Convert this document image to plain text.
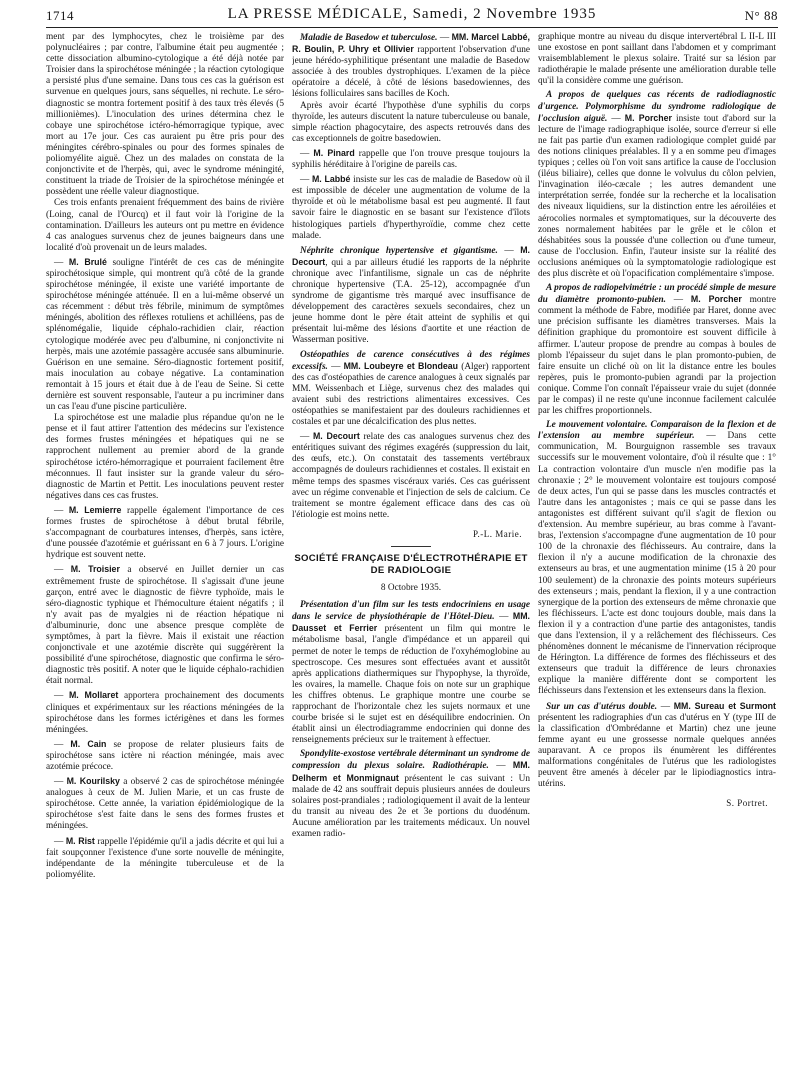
1714	LA PRESSE MÉDICALE, Samedi, 2 Novembre 1935	N° 88

ment par des lymphocytes, chez le troisième par des polynucléaires ; par contre, l'albumine était peu augmentée ; cette dissociation albumino-cytologique a été déjà notée par Troisier dans la spirochétose méningée ; la réaction cytologique a persisté plus d'une semaine. Dans tous ces cas la guérison est survenue en quelques jours, sans séquelles, ni rechute. Le séro-diagnostic se montra fortement positif à des taux très élevés (5 millionièmes). L'inoculation des urines détermina chez le cobaye une spirochétose ictéro-hémorragique typique, avec mort au 17e jour. Ces cas auraient pu être pris pour des méningites cérébro-spinales ou pour des formes spinales de poliomyélite aiguë. Chez un des malades on constata de la conjonctivite et de l'herpès, qui, avec le syndrome méningité, constituent la triade de Troisier de la spirochétose méningée et possèdent une réelle valeur diagnostique.

Ces trois enfants prenaient fréquemment des bains de rivière (Loing, canal de l'Ourcq) et il faut voir là l'origine de la contamination. D'ailleurs les auteurs ont pu mettre en évidence 4 cas analogues survenus chez de jeunes baigneurs dans une localité d'où provenait un de leurs malades.

— M. Brulé souligne l'intérêt de ces cas de méningite spirochétosique simple, qui montrent qu'à côté de la grande spirochétose méningée, il existe une variété importante de spirochétose méningée atténuée. Il en a lui-même observé un cas récemment : début très fébrile, minimum de symptômes méningés, abolition des réflexes rotuliens et achilléens, pas de splénomégalie, liquide céphalo-rachidien clair, réaction cytologique modérée avec peu d'albumine, ni conjonctivite ni herpès, mais une azotémie passagère accusée sans albuminurie. Guérison en une semaine. Séro-diagnostic fortement positif, mais inoculation au cobaye négative. La contamination remontait à 15 jours et était due à de l'eau de Seine. Si cette dernière est souvent responsable, l'auteur a pu incriminer dans un cas l'eau d'une piscine particulière.

La spirochétose est une maladie plus répandue qu'on ne le pense et il faut attirer l'attention des médecins sur l'existence des formes frustes méningées et hépatiques qui ne se rapprochent nullement au premier abord de la grande spirochétose ictéro-hémorragique et pourraient facilement être méconnues. Il faut insister sur la grande valeur du séro-diagnostic de Martin et Pettit. Les inoculations peuvent rester négatives dans ces cas frustes.

— M. Lemierre rappelle également l'importance de ces formes frustes de spirochétose à début brutal fébrile, s'accompagnant de courbatures intenses, d'herpès, sans ictère, d'une poussée d'azotémie et guérissant en 6 à 7 jours. L'origine hydrique est souvent nette.

— M. Troisier a observé en Juillet dernier un cas extrêmement fruste de spirochétose. Il s'agissait d'une jeune garçon, entré avec le diagnostic de fièvre typhoïde, mais le séro-diagnostic typhique et l'hémoculture étaient négatifs ; il n'y avait pas de myalgies ni de réaction hépatique ni d'albuminurie, donc une absence presque complète de symptômes, à part la fièvre. Mais il existait une réaction conjonctivale et une azotémie discrète qui suggérèrent la possibilité d'une spirochétose, diagnostic que confirma le séro-diagnostic très positif. A noter que le liquide céphalo-rachidien était normal.

— M. Mollaret apportera prochainement des documents cliniques et expérimentaux sur les réactions méningées de la spirochétose dans les formes ictérigènes et dans les formes méningées.

— M. Cain se propose de relater plusieurs faits de spirochétose sans ictère ni réaction méningée, mais avec azotémie précoce.

— M. Kourilsky a observé 2 cas de spirochétose méningée analogues à ceux de M. Julien Marie, et un cas fruste de spirochétose. Cette année, la variation épidémiologique de la spirochétose s'est faite dans le sens des formes frustes et méningées.

— M. Rist rappelle l'épidémie qu'il a jadis décrite et qui lui a fait soupçonner l'existence d'une sorte nouvelle de méningite, indépendante de la méningite tuberculeuse et de la poliomyélite.

Maladie de Basedow et tuberculose. — MM. Marcel Labbé, R. Boulin, P. Uhry et Ollivier rapportent l'observation d'une jeune hérédo-syphilitique présentant une maladie de Basedow associée à des troubles dystrophiques. L'examen de la pièce opératoire a décelé, à côté de lésions basedowiennes, des lésions folliculaires sans bacilles de Koch.

Après avoir écarté l'hypothèse d'une syphilis du corps thyroïde, les auteurs discutent la nature tuberculeuse ou banale, simple réaction phagocytaire, des aspects retrouvés dans des cas exceptionnels de goitre basedowien.

— M. Pinard rappelle que l'on trouve presque toujours la syphilis héréditaire à l'origine de pareils cas.

— M. Labbé insiste sur les cas de maladie de Basedow où il est impossible de déceler une augmentation de volume de la thyroïde et où le métabolisme basal est peu augmenté. Il faut savoir faire le diagnostic en se basant sur l'existence d'îlots histologiques partiels d'hyperthyroïdie, comme chez cette malade.

Néphrite chronique hypertensive et gigantisme. — M. Decourt, qui a par ailleurs étudié les rapports de la néphrite chronique avec l'infantilisme, signale un cas de néphrite chronique hypertensive (T.A. 25-12), accompagnée d'un syndrome de gigantisme très marqué avec insuffisance de développement des caractères sexuels secondaires, chez un jeune homme dont le père était atteint de syphilis et qui présentait lui-même des lésions d'aortite et une réaction de Wasserman positive.

Ostéopathies de carence consécutives à des régimes excessifs. — MM. Loubeyre et Blondeau (Alger) rapportent des cas d'ostéopathies de carence analogues à ceux signalés par MM. Weissenbach et Liège, survenus chez des malades qui avaient subi des restrictions alimentaires excessives. Ces ostéopathies se manifestaient par des douleurs rachidiennes et costales et par une décalcification des plus nettes.

— M. Decourt relate des cas analogues survenus chez des entéritiques suivant des régimes exagérés (suppression du lait, des œufs, etc.). On constatait des tassements vertébraux accompagnés de douleurs rachidiennes et costales. Il existait en même temps des spasmes viscéraux variés. Ces cas guérissent avec un régime convenable et l'injection de sels de calcium. Ce traitement se montre également efficace dans des cas où l'étiologie est moins nette.

P.-L. Marie.
SOCIÉTÉ FRANÇAISE D'ÉLECTROTHÉRAPIE ET DE RADIOLOGIE
8 Octobre 1935.

Présentation d'un film sur les tests endocriniens en usage dans le service de physiothérapie de l'Hôtel-Dieu. — MM. Dausset et Ferrier présentent un film qui montre le métabolisme basal, l'angle d'impédance et un appareil qui permet de noter le temps de réduction de l'oxyhémoglobine au spectroscope. Ces mesures sont effectuées avant et aussitôt après applications diathermiques sur l'hypophyse, la thyroïde, les ovaires, la mamelle. Chaque fois on note sur un graphique les chiffres obtenus. Le graphique montre une courbe se rapprochant de l'horizontale chez les sujets normaux et une courbe brisée si le sujet est en déséquilibre endocrinien. On établit ainsi un électrodiagramme endocrinien qui donne des renseignements précieux sur le traitement à effectuer.

Spondylite-exostose vertébrale déterminant un syndrome de compression du plexus solaire. Radiothérapie. — MM. Delherm et Monmignaut présentent le cas suivant : Un malade de 42 ans souffrait depuis plusieurs années de douleurs solaires post-prandiales ; radiologiquement il avait de la lenteur du transit au niveau des 2e et 3e portions du duodénum. Aucune amélioration par les traitements médicaux. Un nouvel examen radio-

graphique montre au niveau du disque intervertébral L II-L III une exostose en pont saillant dans l'abdomen et y comprimant vraisemblablement le plexus solaire. Traité sur sa lésion par radiothérapie le malade présente une amélioration durable telle qu'il la considère comme une guérison.

A propos de quelques cas récents de radiodiagnostic d'urgence. Polymorphisme du syndrome radiologique de l'occlusion aiguë. — M. Porcher insiste tout d'abord sur la lecture de l'image radiographique isolée, source d'erreur si elle ne fait pas partie d'un examen radiologique complet guidé par des notions cliniques préalables. Il y a en somme peu d'images typiques ; celles où l'on voit sans artifice la cause de l'occlusion (iléus biliaire), celles que donne le volvulus du côlon pelvien, l'invagination iléo-cæcale ; les autres demandent une interprétation serrée, fondée sur la recherche et la localisation des niveaux liquidiens, sur la distinction entre les aéroiléies et aérocolies normales et symptomatiques, sur la découverte des zones normalement habitées par le grêle et le côlon et déshabitées sous la poussée d'une collection ou d'une tumeur, cause de l'occlusion. Enfin, l'auteur insiste sur la réalité des occlusions anémiques où la symptomatologie radiologique est des plus discrète et où l'opacification complémentaire s'impose.

A propos de radiopelvimétrie : un procédé simple de mesure du diamètre promonto-pubien. — M. Porcher montre comment la méthode de Fabre, modifiée par Haret, donne avec une précision suffisante les diamètres transverses. Mais la définition graphique du promontoire est souvent difficile à affirmer. L'auteur propose de prendre au compas à boules de plomb l'épaisseur du sujet dans le plan promonto-pubien, de faire ensuite un cliché où on lit la distance entre les boules repères, puis le promonto-pubien agrandi par la projection conique. Comme l'on connaît l'épaisseur vraie du sujet (donnée par le compas) il ne reste qu'une inconnue facilement calculée par les chiffres proportionnels.

Le mouvement volontaire. Comparaison de la flexion et de l'extension au membre supérieur. — Dans cette communication, M. Bourguignon rassemble ses travaux successifs sur le mouvement volontaire, d'où il résulte que : 1° La contraction volontaire d'un muscle n'en modifie pas la chronaxie ; 2° le mouvement volontaire est toujours composé de deux actes, l'un qui se passe dans les muscles contractés et l'autre dans les antagonistes ; mais ce qui se passe dans les antagonistes est différent suivant qu'il s'agit de flexion ou d'extension. Au membre supérieur, au bras comme à l'avant-bras, l'extension s'accompagne d'une augmentation de 10 pour 100 de la chronaxie des fléchisseurs. Au contraire, dans la flexion il n'y a aucune modification de la chronaxie des extenseurs au bras, et une augmentation minime (15 à 20 pour 100 seulement) de la chronaxie des points moteurs supérieurs des extenseurs ; mais, pendant la flexion, il y a une contraction synergique de la portion des extenseurs de même chronaxie que les fléchisseurs. L'acte est donc toujours double, mais dans la flexion il y a contraction d'une partie des antagonistes, tandis que dans l'extension, il y a relâchement des fléchisseurs. Ces phénomènes donnent le mécanisme de l'innervation réciproque de Hérington. La différence de formes des fléchisseurs et des extenseurs que traduit la différence de leurs chronaxies explique la manière différente dont se comportent les fléchisseurs dans l'extension et les extenseurs dans la flexion.

Sur un cas d'utérus double. — MM. Sureau et Surmont présentent les radiographies d'un cas d'utérus en Y (type III de la classification d'Ombrédanne et Martin) chez une jeune femme ayant eu une grossesse normale quelques années auparavant. A ce propos ils énumèrent les différentes malformations congénitales de l'utérus que les radiologistes peuvent être amenés à déceler par le lipiodiagnostics intra-utérins.

S. Portret.
